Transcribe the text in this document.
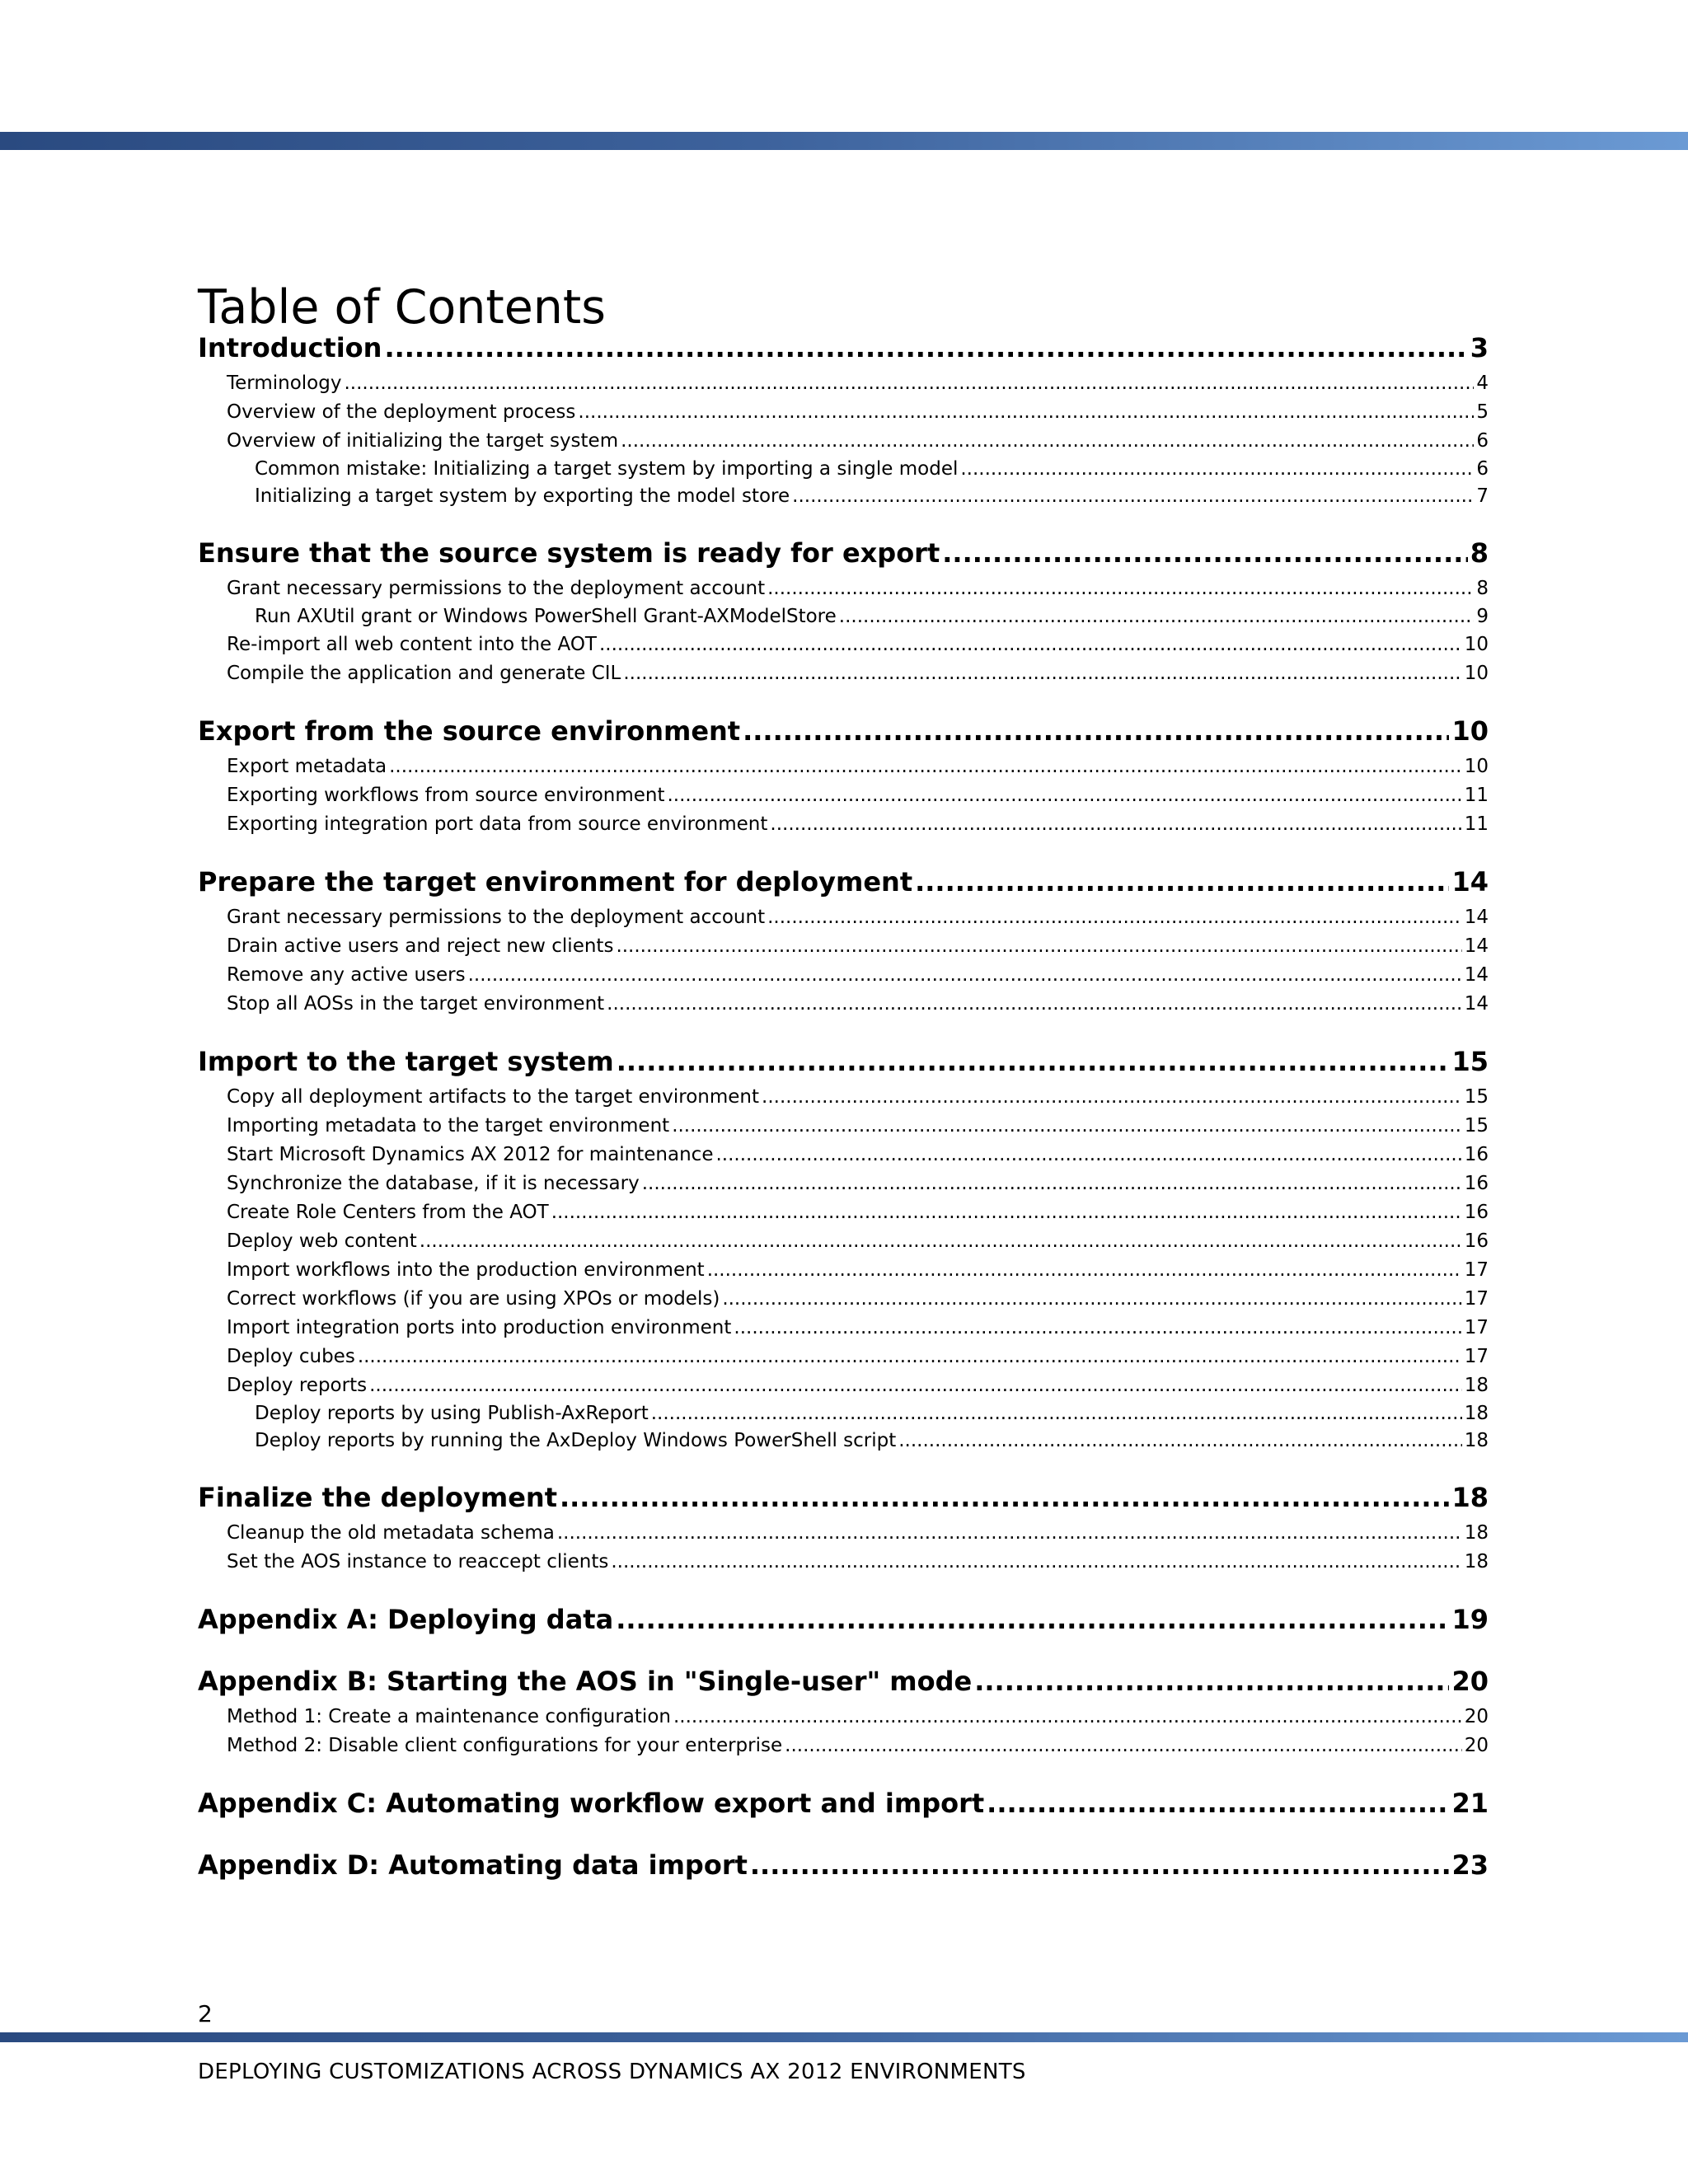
Table of Contents
Introduction .....	3
Terminology .....	4
Overview of the deployment process .....	5
Overview of initializing the target system .....	6
Common mistake: Initializing a target system by importing a single model .....	6
Initializing a target system by exporting the model store .....	7
Ensure that the source system is ready for export .....	8
Grant necessary permissions to the deployment account .....	8
Run AXUtil grant or Windows PowerShell Grant-AXModelStore .....	9
Re-import all web content into the AOT .....	10
Compile the application and generate CIL .....	10
Export from the source environment .....	10
Export metadata .....	10
Exporting workflows from source environment .....	11
Exporting integration port data from source environment .....	11
Prepare the target environment for deployment .....	14
Grant necessary permissions to the deployment account .....	14
Drain active users and reject new clients .....	14
Remove any active users .....	14
Stop all AOSs in the target environment .....	14
Import to the target system .....	15
Copy all deployment artifacts to the target environment .....	15
Importing metadata to the target environment .....	15
Start Microsoft Dynamics AX 2012 for maintenance .....	16
Synchronize the database, if it is necessary .....	16
Create Role Centers from the AOT .....	16
Deploy web content .....	16
Import workflows into the production environment .....	17
Correct workflows (if you are using XPOs or models) .....	17
Import integration ports into production environment .....	17
Deploy cubes .....	17
Deploy reports .....	18
Deploy reports by using Publish-AxReport .....	18
Deploy reports by running the AxDeploy Windows PowerShell script .....	18
Finalize the deployment .....	18
Cleanup the old metadata schema .....	18
Set the AOS instance to reaccept clients .....	18
Appendix A: Deploying data .....	19
Appendix B: Starting the AOS in "Single-user" mode .....	20
Method 1: Create a maintenance configuration .....	20
Method 2: Disable client configurations for your enterprise .....	20
Appendix C: Automating workflow export and import .....	21
Appendix D: Automating data import .....	23
2
DEPLOYING CUSTOMIZATIONS ACROSS DYNAMICS AX 2012 ENVIRONMENTS
